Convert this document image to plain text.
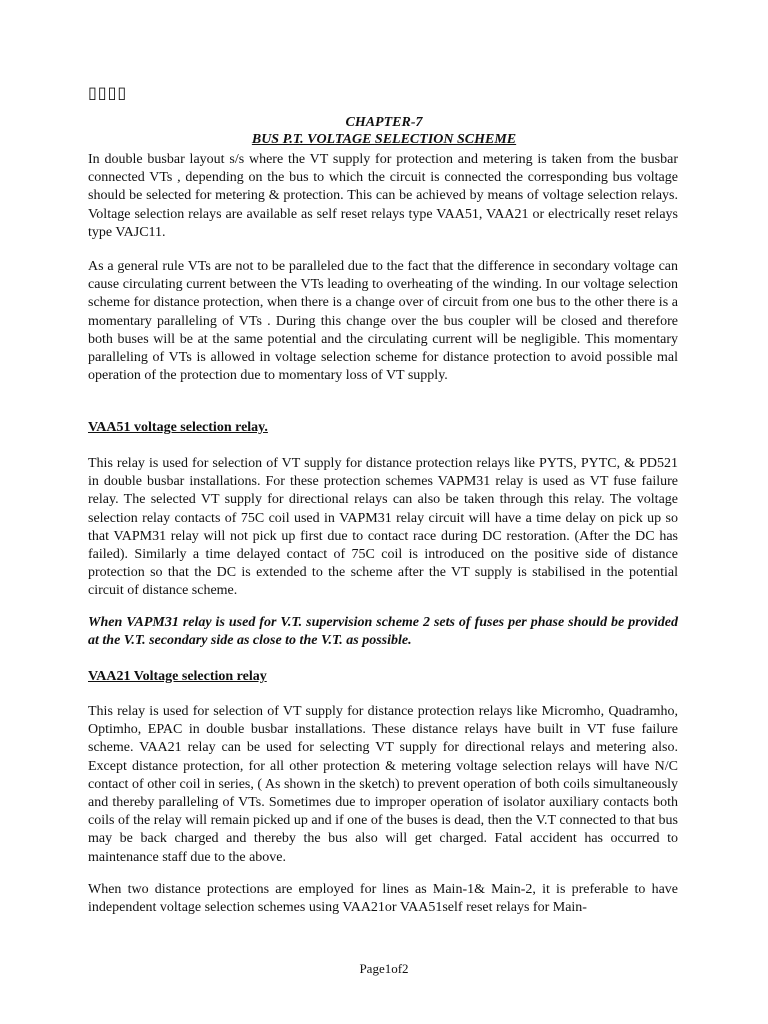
▯▯▯▯
CHAPTER-7
BUS P.T. VOLTAGE SELECTION SCHEME

In double busbar layout s/s where the VT supply for protection and metering is taken from the busbar connected VTs , depending on the bus to which the circuit is connected the corresponding bus voltage should be selected for metering & protection. This can be achieved by means of voltage selection relays. Voltage selection relays are available as self reset relays type VAA51, VAA21 or electrically reset relays type VAJC11.

As a general rule VTs are not to be paralleled due to the fact that the difference in secondary voltage can cause circulating current between the VTs leading to overheating of the winding. In our voltage selection scheme for distance protection, when there is a change over of circuit from one bus to the other there is a momentary paralleling of VTs . During this change over the bus coupler will be closed and therefore both buses will be at the same potential and the circulating current will be negligible. This momentary paralleling of VTs is allowed in voltage selection scheme for distance protection to avoid possible mal operation of the protection due to momentary loss of VT supply.

VAA51 voltage selection relay.

This relay is used for selection of VT supply for distance protection relays like PYTS, PYTC, & PD521 in double busbar installations. For these protection schemes VAPM31 relay is used as VT fuse failure relay. The selected VT supply for directional relays can also be taken through this relay. The voltage selection relay contacts of 75C coil used in VAPM31 relay circuit will have a time delay on pick up so that VAPM31 relay will not pick up first due to contact race during DC restoration. (After the DC has failed). Similarly a time delayed contact of 75C coil is introduced on the positive side of distance protection so that the DC is extended to the scheme after the VT supply is stabilised in the potential circuit of distance scheme.

When VAPM31 relay is used for V.T. supervision scheme 2 sets of fuses per phase should be provided at the V.T. secondary side as close to the V.T. as possible.

VAA21 Voltage selection relay

This relay is used for selection of VT supply for distance protection relays like Micromho, Quadramho, Optimho, EPAC in double busbar installations. These distance relays have built in VT fuse failure scheme. VAA21 relay can be used for selecting VT supply for directional relays and metering also. Except distance protection, for all other protection & metering voltage selection relays will have N/C contact of other coil in series, ( As shown in the sketch) to prevent operation of both coils simultaneously and thereby paralleling of VTs. Sometimes due to improper operation of isolator auxiliary contacts both coils of the relay will remain picked up and if one of the buses is dead, then the V.T connected to that bus may be back charged and thereby the bus also will get charged. Fatal accident has occurred to maintenance staff due to the above.

When two distance protections are employed for lines as Main-1& Main-2, it is preferable to have independent voltage selection schemes using VAA21or VAA51self reset relays for Main-

Page1of2
